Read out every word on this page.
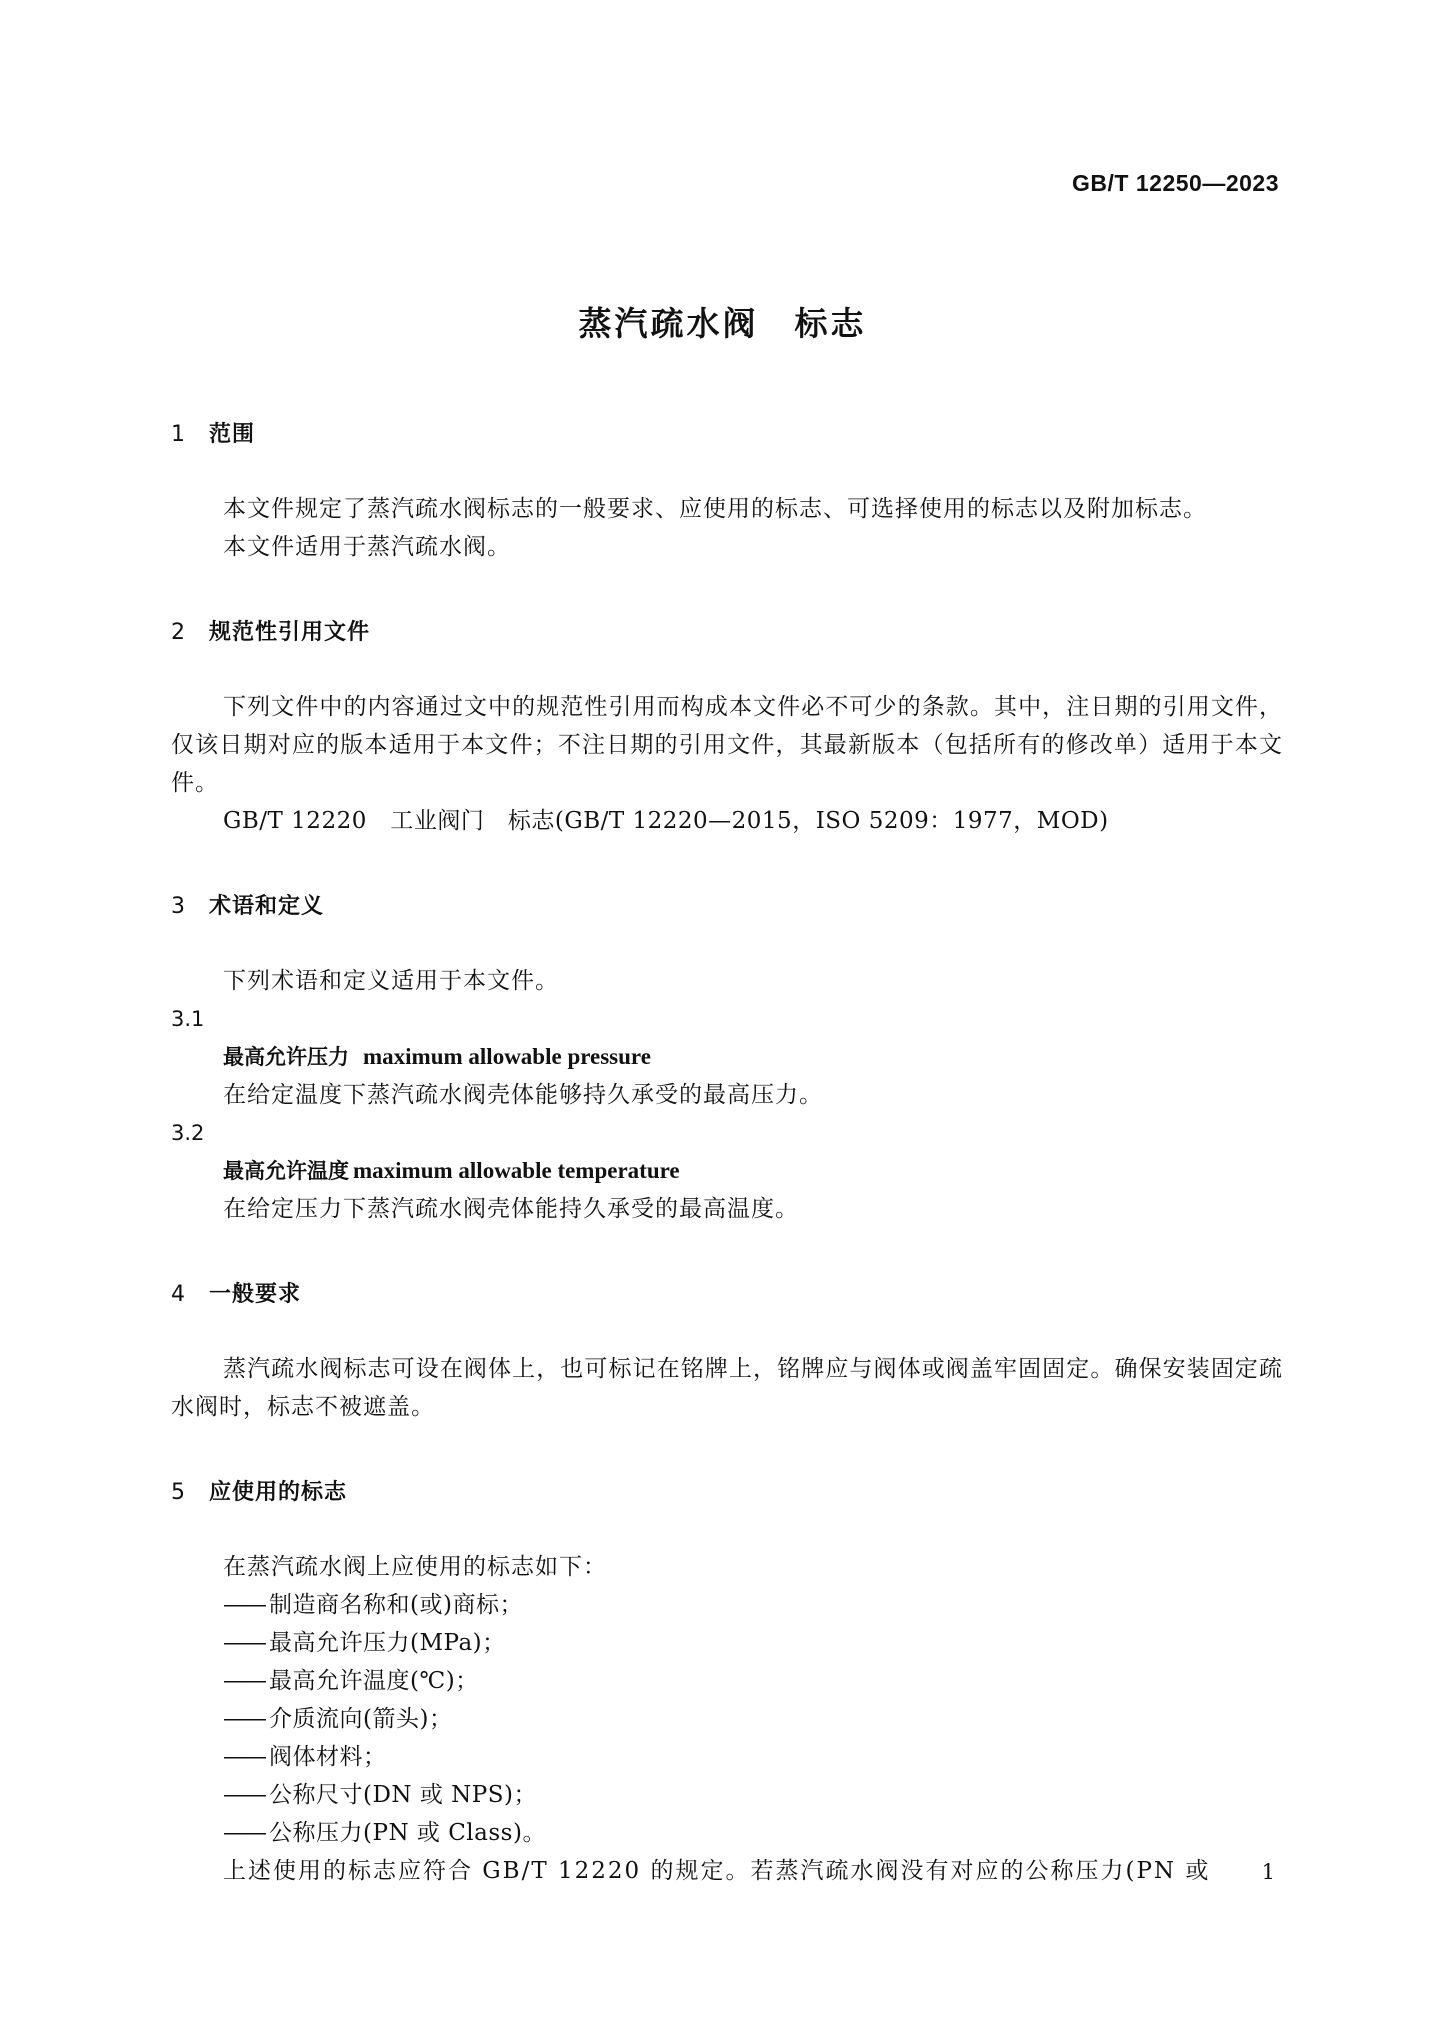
GB/T 12250—2023
蒸汽疏水阀　标志
1 范围
本文件规定了蒸汽疏水阀标志的一般要求、应使用的标志、可选择使用的标志以及附加标志。
本文件适用于蒸汽疏水阀。
2 规范性引用文件
下列文件中的内容通过文中的规范性引用而构成本文件必不可少的条款。其中，注日期的引用文件，仅该日期对应的版本适用于本文件；不注日期的引用文件，其最新版本（包括所有的修改单）适用于本文件。
GB/T 12220　工业阀门　标志(GB/T 12220—2015，ISO 5209：1977，MOD)
3 术语和定义
下列术语和定义适用于本文件。
3.1
最高允许压力 maximum allowable pressure
在给定温度下蒸汽疏水阀壳体能够持久承受的最高压力。
3.2
最高允许温度 maximum allowable temperature
在给定压力下蒸汽疏水阀壳体能持久承受的最高温度。
4 一般要求
蒸汽疏水阀标志可设在阀体上，也可标记在铭牌上，铭牌应与阀体或阀盖牢固固定。确保安装固定疏水阀时，标志不被遮盖。
5 应使用的标志
在蒸汽疏水阀上应使用的标志如下：
—— 制造商名称和(或)商标；
—— 最高允许压力(MPa)；
—— 最高允许温度(℃)；
—— 介质流向(箭头)；
—— 阀体材料；
—— 公称尺寸(DN 或 NPS)；
—— 公称压力(PN 或 Class)。
上述使用的标志应符合 GB/T 12220 的规定。若蒸汽疏水阀没有对应的公称压力(PN 或	1
